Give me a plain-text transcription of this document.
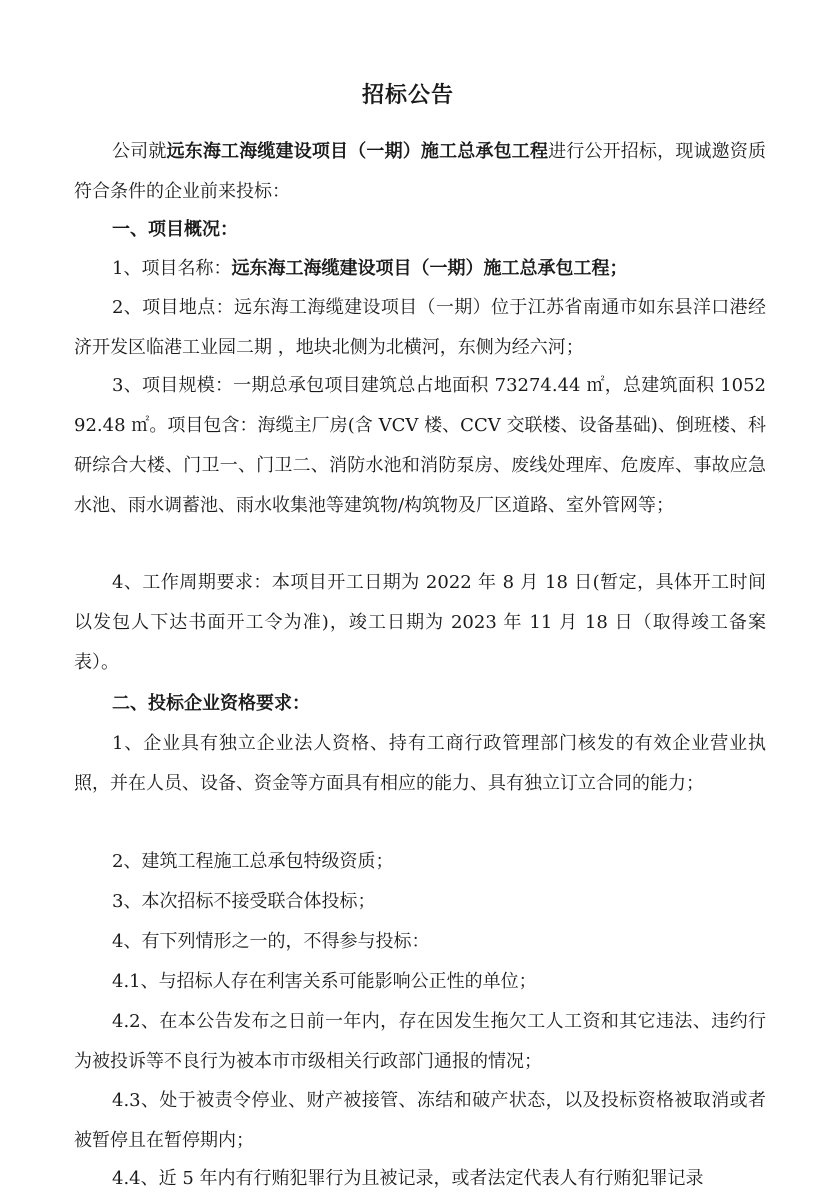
招标公告
公司就远东海工海缆建设项目（一期）施工总承包工程进行公开招标，现诚邀资质符合条件的企业前来投标：
一、项目概况：
1、项目名称：远东海工海缆建设项目（一期）施工总承包工程；
2、项目地点：远东海工海缆建设项目（一期）位于江苏省南通市如东县洋口港经济开发区临港工业园二期 ，地块北侧为北横河，东侧为经六河；
3、项目规模：一期总承包项目建筑总占地面积 73274.44 ㎡，总建筑面积 105292.48 ㎡。项目包含：海缆主厂房(含 VCV 楼、CCV 交联楼、设备基础)、倒班楼、科研综合大楼、门卫一、门卫二、消防水池和消防泵房、废线处理库、危废库、事故应急水池、雨水调蓄池、雨水收集池等建筑物/构筑物及厂区道路、室外管网等；
4、工作周期要求：本项目开工日期为 2022 年 8 月 18 日(暂定，具体开工时间以发包人下达书面开工令为准)，竣工日期为 2023 年 11 月 18 日（取得竣工备案表）。
二、投标企业资格要求：
1、企业具有独立企业法人资格、持有工商行政管理部门核发的有效企业营业执照，并在人员、设备、资金等方面具有相应的能力、具有独立订立合同的能力；
2、建筑工程施工总承包特级资质；
3、本次招标不接受联合体投标；
4、有下列情形之一的，不得参与投标：
4.1、与招标人存在利害关系可能影响公正性的单位；
4.2、在本公告发布之日前一年内，存在因发生拖欠工人工资和其它违法、违约行为被投诉等不良行为被本市市级相关行政部门通报的情况；
4.3、处于被责令停业、财产被接管、冻结和破产状态，以及投标资格被取消或者被暂停且在暂停期内；
4.4、近 5 年内有行贿犯罪行为且被记录，或者法定代表人有行贿犯罪记录
